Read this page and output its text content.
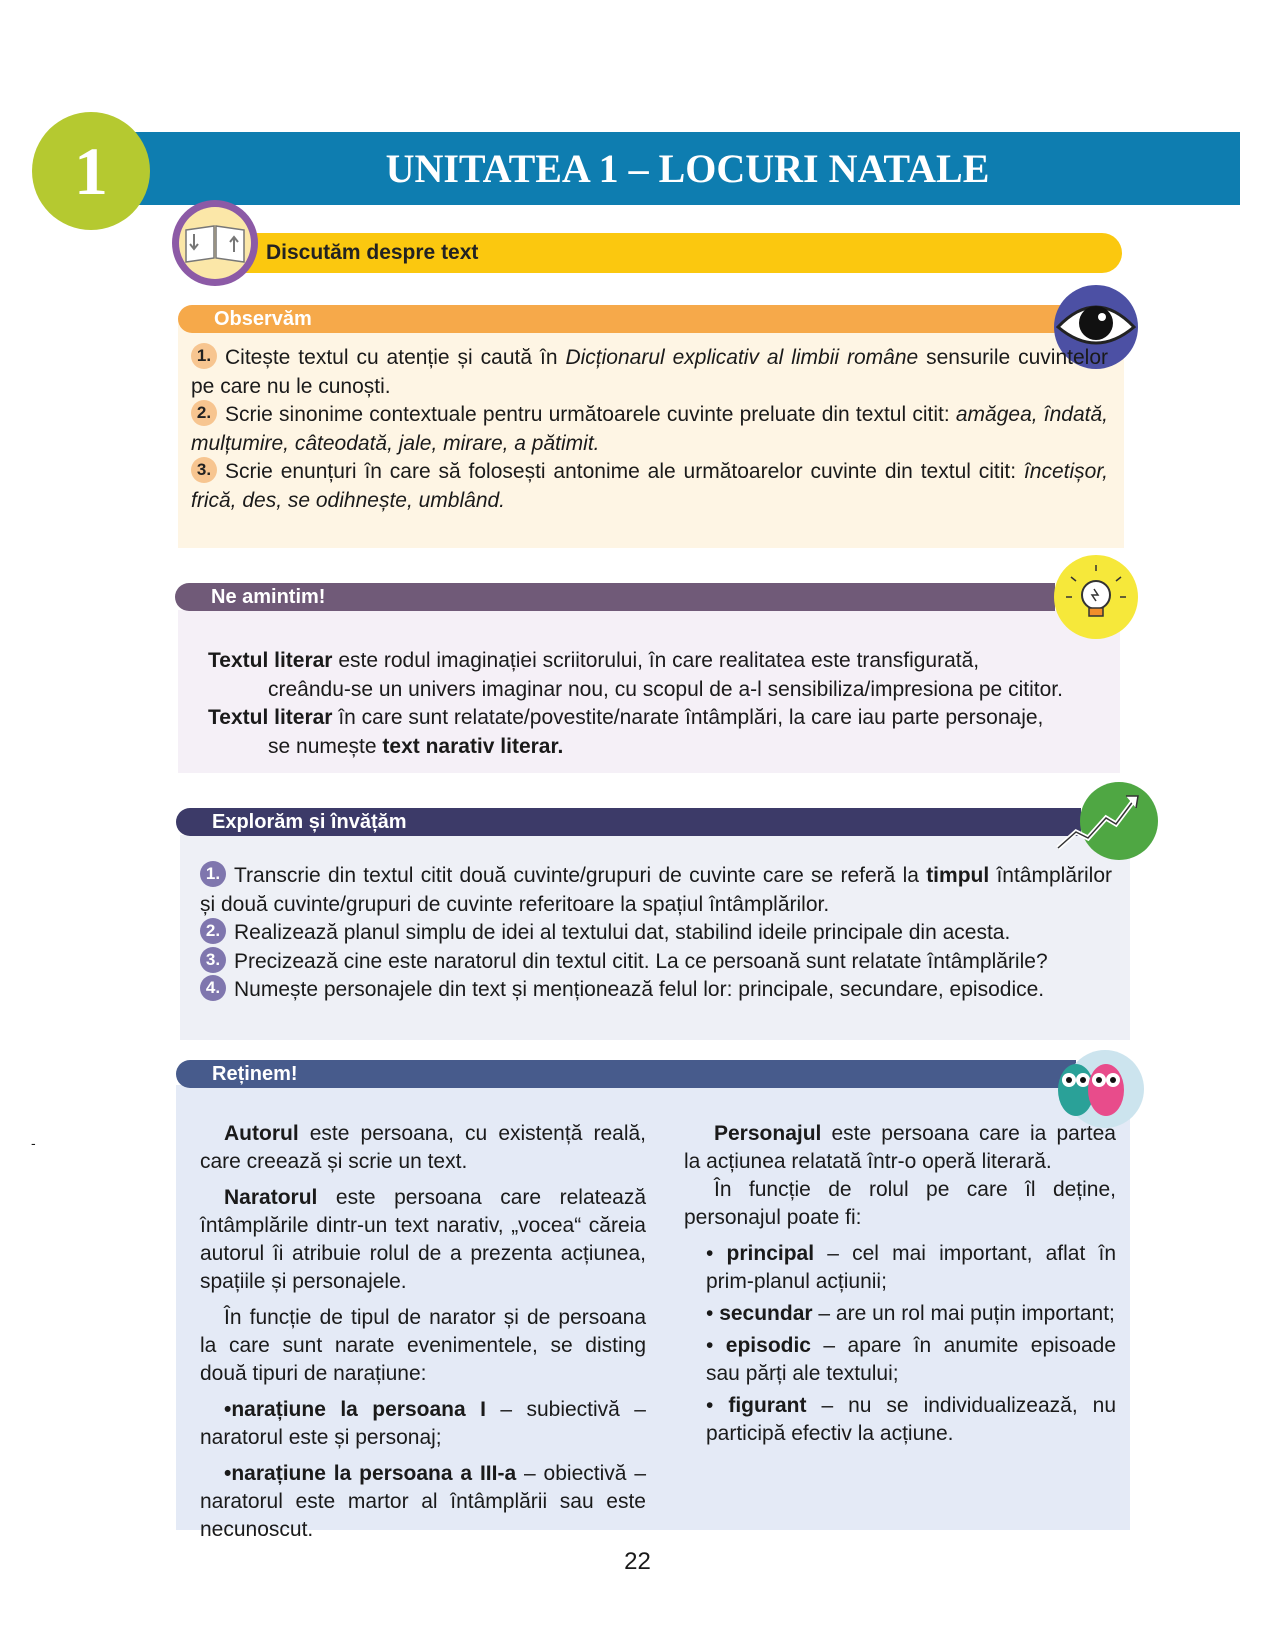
UNITATEA 1 – LOCURI NATALE
1
Discutăm despre text
Observăm
1. Citește textul cu atenție și caută în Dicționarul explicativ al limbii române sensurile cuvintelor pe care nu le cunoști.
2. Scrie sinonime contextuale pentru următoarele cuvinte preluate din textul citit: amăgea, îndată, mulțumire, câteodată, jale, mirare, a pătimit.
3. Scrie enunțuri în care să folosești antonime ale următoarelor cuvinte din textul citit: încetișor, frică, des, se odihnește, umblând.
Ne amintim!
Textul literar este rodul imaginației scriitorului, în care realitatea este transfigurată,
creându-se un univers imaginar nou, cu scopul de a-l sensibiliza/impresiona pe cititor.
Textul literar în care sunt relatate/povestite/narate întâmplări, la care iau parte personaje,
se numește text narativ literar.
Explorăm și învățăm
1. Transcrie din textul citit două cuvinte/grupuri de cuvinte care se referă la timpul întâmplărilor și două cuvinte/grupuri de cuvinte referitoare la spațiul întâmplărilor.
2. Realizează planul simplu de idei al textului dat, stabilind ideile principale din acesta.
3. Precizează cine este naratorul din textul citit. La ce persoană sunt relatate întâmplările?
4. Numește personajele din text și menționează felul lor: principale, secundare, episodice.
Reținem!

Autorul este persoana, cu existență reală, care creează și scrie un text.

Naratorul este persoana care relatează întâmplările dintr-un text narativ, „vocea“ căreia autorul îi atribuie rolul de a prezenta acțiunea, spațiile și personajele.

În funcție de tipul de narator și de persoana la care sunt narate evenimentele, se disting două tipuri de narațiune:

•narațiune la persoana I – subiectivă – naratorul este și personaj;

•narațiune la persoana a III-a – obiectivă – naratorul este martor al întâmplării sau este necunoscut.

Personajul este persoana care ia partea la acțiunea relatată într-o operă literară.

În funcție de rolul pe care îl deține, personajul poate fi:

• principal – cel mai important, aflat în prim-planul acțiunii;
• secundar – are un rol mai puțin important;
• episodic – apare în anumite episoade sau părți ale textului;
• figurant – nu se individualizează, nu participă efectiv la acțiune.
-
22
